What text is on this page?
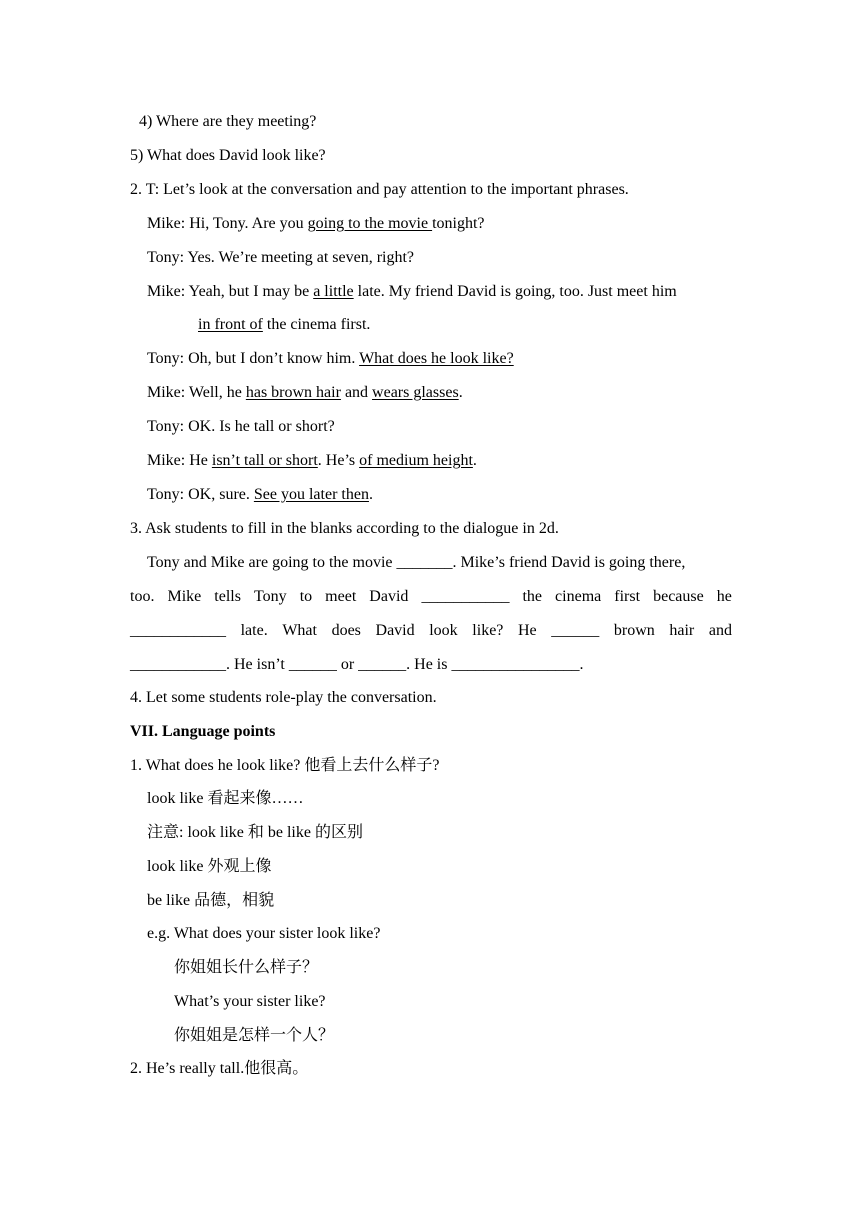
4) Where are they meeting?
5) What does David look like?
2. T: Let’s look at the conversation and pay attention to the important phrases.
Mike: Hi, Tony. Are you going to the movie tonight?
Tony: Yes. We’re meeting at seven, right?
Mike: Yeah, but I may be a little late. My friend David is going, too. Just meet him
in front of the cinema first.
Tony: Oh, but I don’t know him. What does he look like?
Mike: Well, he has brown hair and wears glasses.
Tony: OK. Is he tall or short?
Mike: He isn’t tall or short. He’s of medium height.
Tony: OK, sure. See you later then.
3. Ask students to fill in the blanks according to the dialogue in 2d.
Tony and Mike are going to the movie _______. Mike’s friend David is going there,
too. Mike tells Tony to meet David ___________ the cinema first because he
____________ late. What does David look like? He ______ brown hair and
____________. He isn’t ______ or ______. He is ________________.
4. Let some students role-play the conversation.
VII. Language points
1. What does he look like? 他看上去什么样子?
look like 看起来像……
注意: look like 和 be like 的区别
look like 外观上像
be like 品德，相貌
e.g. What does your sister look like?
你姐姐长什么样子？
What’s your sister like?
你姐姐是怎样一个人？
2. He’s really tall.他很高。
